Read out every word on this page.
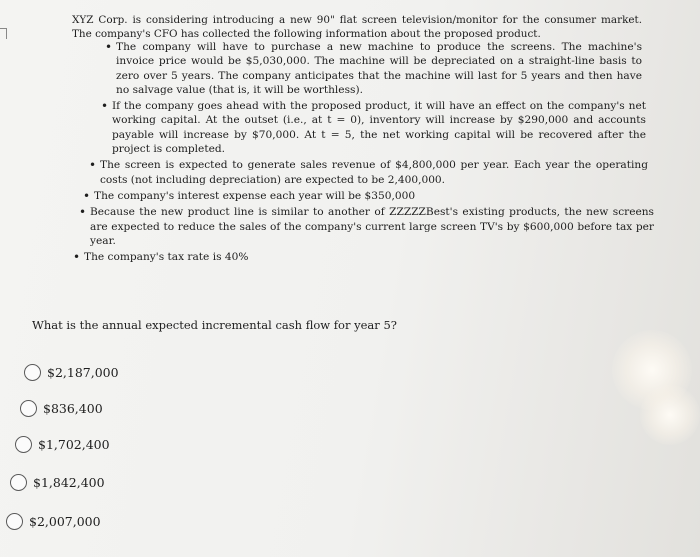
XYZ Corp. is considering introducing a new 90" flat screen television/monitor for the consumer market. The company's CFO has collected the following information about the proposed product.
• The company will have to purchase a new machine to produce the screens. The machine's invoice price would be $5,030,000. The machine will be depreciated on a straight-line basis to zero over 5 years. The company anticipates that the machine will last for 5 years and then have no salvage value (that is, it will be worthless).
• If the company goes ahead with the proposed product, it will have an effect on the company's net working capital. At the outset (i.e., at t = 0), inventory will increase by $290,000 and accounts payable will increase by $70,000. At t = 5, the net working capital will be recovered after the project is completed.
• The screen is expected to generate sales revenue of $4,800,000 per year. Each year the operating costs (not including depreciation) are expected to be 2,400,000.
• The company's interest expense each year will be $350,000
• Because the new product line is similar to another of ZZZZZBest's existing products, the new screens are expected to reduce the sales of the company's current large screen TV's by $600,000 before tax per year.
• The company's tax rate is 40%
What is the annual expected incremental cash flow for year 5?
$2,187,000
$836,400
$1,702,400
$1,842,400
$2,007,000
